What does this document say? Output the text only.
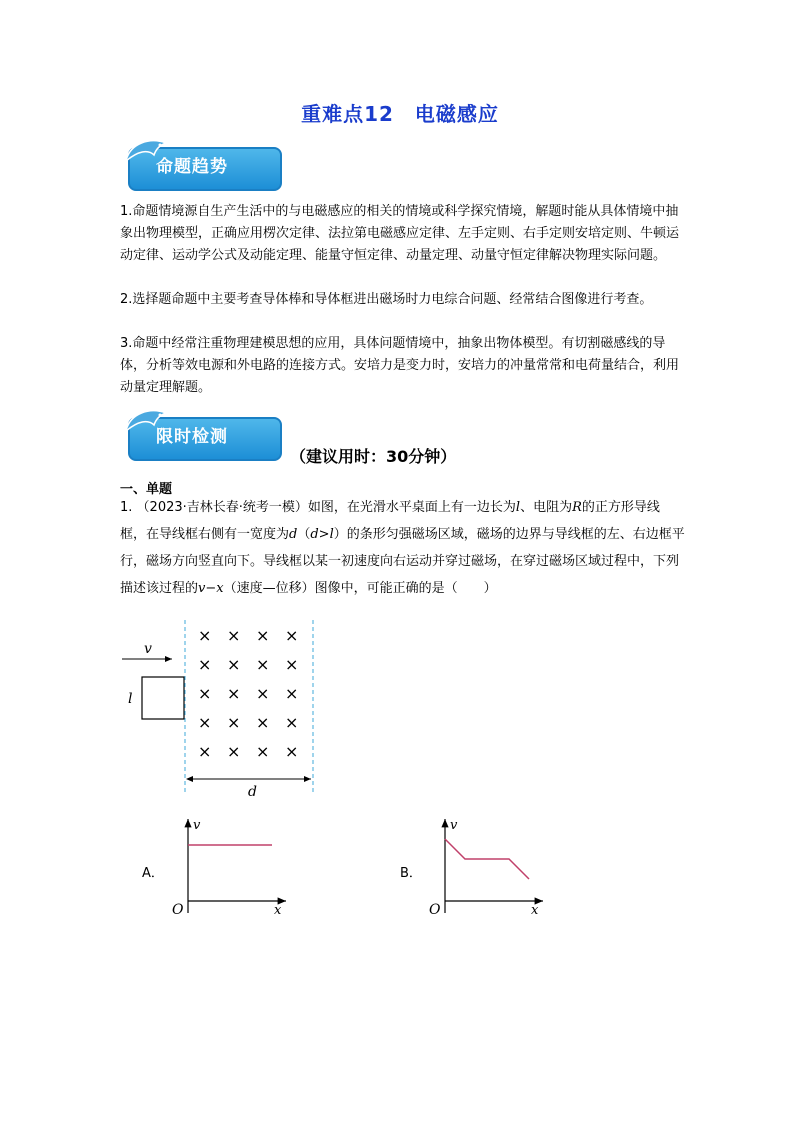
重难点12　电磁感应
命题趋势
1.命题情境源自生产生活中的与电磁感应的相关的情境或科学探究情境，解题时能从具体情境中抽象出物理模型，正确应用楞次定律、法拉第电磁感应定律、左手定则、右手定则安培定则、牛顿运动定律、运动学公式及动能定理、能量守恒定律、动量定理、动量守恒定律解决物理实际问题。
2.选择题命题中主要考查导体棒和导体框进出磁场时力电综合问题、经常结合图像进行考查。
3.命题中经常注重物理建模思想的应用，具体问题情境中，抽象出物体模型。有切割磁感线的导体，分析等效电源和外电路的连接方式。安培力是变力时，安培力的冲量常常和电荷量结合，利用动量定理解题。
限时检测
（建议用时：30分钟）
一、单题
1. （2023·吉林长春·统考一模）如图，在光滑水平桌面上有一边长为l、电阻为R的正方形导线框，在导线框右侧有一宽度为d（d>l）的条形匀强磁场区域，磁场的边界与导线框的左、右边框平行，磁场方向竖直向下。导线框以某一初速度向右运动并穿过磁场，在穿过磁场区域过程中，下列描述该过程的v−x（速度—位移）图像中，可能正确的是（　　）
v
l
× × × ×
× × × ×
× × × ×
× × × ×
× × × ×
d
A．
v
x
O
B．
v
x
O
